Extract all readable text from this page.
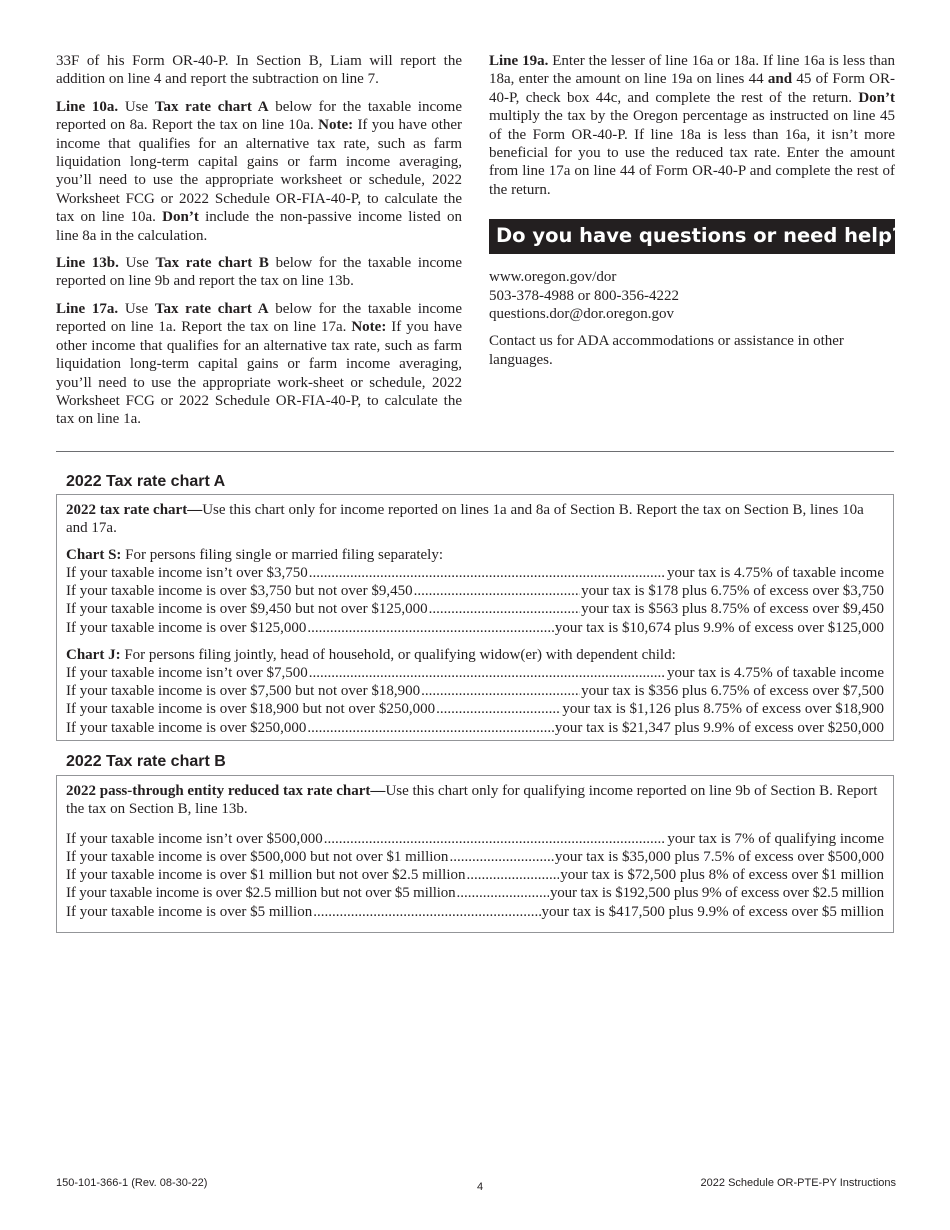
33F of his Form OR-40-P. In Section B, Liam will report the addition on line 4 and report the subtraction on line 7.

Line 10a. Use Tax rate chart A below for the taxable income reported on 8a. Report the tax on line 10a. Note: If you have other income that qualifies for an alternative tax rate, such as farm liquidation long-term capital gains or farm income averaging, you’ll need to use the appropriate worksheet or schedule, 2022 Worksheet FCG or 2022 Schedule OR-FIA-40-P, to calculate the tax on line 10a. Don’t include the non-passive income listed on line 8a in the calculation.

Line 13b. Use Tax rate chart B below for the taxable income reported on line 9b and report the tax on line 13b.

Line 17a. Use Tax rate chart A below for the taxable income reported on line 1a. Report the tax on line 17a. Note: If you have other income that qualifies for an alternative tax rate, such as farm liquidation long-term capital gains or farm income averaging, you’ll need to use the appropriate work-sheet or schedule, 2022 Worksheet FCG or 2022 Schedule OR-FIA-40-P, to calculate the tax on line 1a.

Line 19a. Enter the lesser of line 16a or 18a. If line 16a is less than 18a, enter the amount on line 19a on lines 44 and 45 of Form OR-40-P, check box 44c, and complete the rest of the return. Don’t multiply the tax by the Oregon percentage as instructed on line 45 of the Form OR-40-P. If line 18a is less than 16a, it isn’t more beneficial for you to use the reduced tax rate. Enter the amount from line 17a on line 44 of Form OR-40-P and complete the rest of the return.

Do you have questions or need help?

www.oregon.gov/dor
503-378-4988 or 800-356-4222
questions.dor@dor.oregon.gov

Contact us for ADA accommodations or assistance in other languages.

2022 Tax rate chart A

2022 tax rate chart—Use this chart only for income reported on lines 1a and 8a of Section B. Report the tax on Section B, lines 10a and 17a.

Chart S: For persons filing single or married filing separately:
If your taxable income isn’t over $3,750 .....	your tax is 4.75% of taxable income
If your taxable income is over $3,750 but not over $9,450 .....	your tax is $178 plus 6.75% of excess over $3,750
If your taxable income is over $9,450 but not over $125,000 .....	your tax is $563 plus 8.75% of excess over $9,450
If your taxable income is over $125,000 .....	your tax is $10,674 plus 9.9% of excess over $125,000
Chart J: For persons filing jointly, head of household, or qualifying widow(er) with dependent child:
If your taxable income isn’t over $7,500 .....	your tax is 4.75% of taxable income
If your taxable income is over $7,500 but not over $18,900 .....	your tax is $356 plus 6.75% of excess over $7,500
If your taxable income is over $18,900 but not over $250,000 .....	your tax is $1,126 plus 8.75% of excess over $18,900
If your taxable income is over $250,000 .....	your tax is $21,347 plus 9.9% of excess over $250,000
2022 Tax rate chart B

2022 pass-through entity reduced tax rate chart—Use this chart only for qualifying income reported on line 9b of Section B. Report the tax on Section B, line 13b.

If your taxable income isn’t over $500,000 .....	your tax is 7% of qualifying income
If your taxable income is over $500,000 but not over $1 million .....	your tax is $35,000 plus 7.5% of excess over $500,000
If your taxable income is over $1 million but not over $2.5 million .....	your tax is $72,500 plus 8% of excess over $1 million
If your taxable income is over $2.5 million but not over $5 million .....	your tax is $192,500 plus 9% of excess over $2.5 million
If your taxable income is over $5 million .....	your tax is $417,500 plus 9.9% of excess over $5 million
150-101-366-1 (Rev. 08-30-22)	4	2022 Schedule OR-PTE-PY Instructions
